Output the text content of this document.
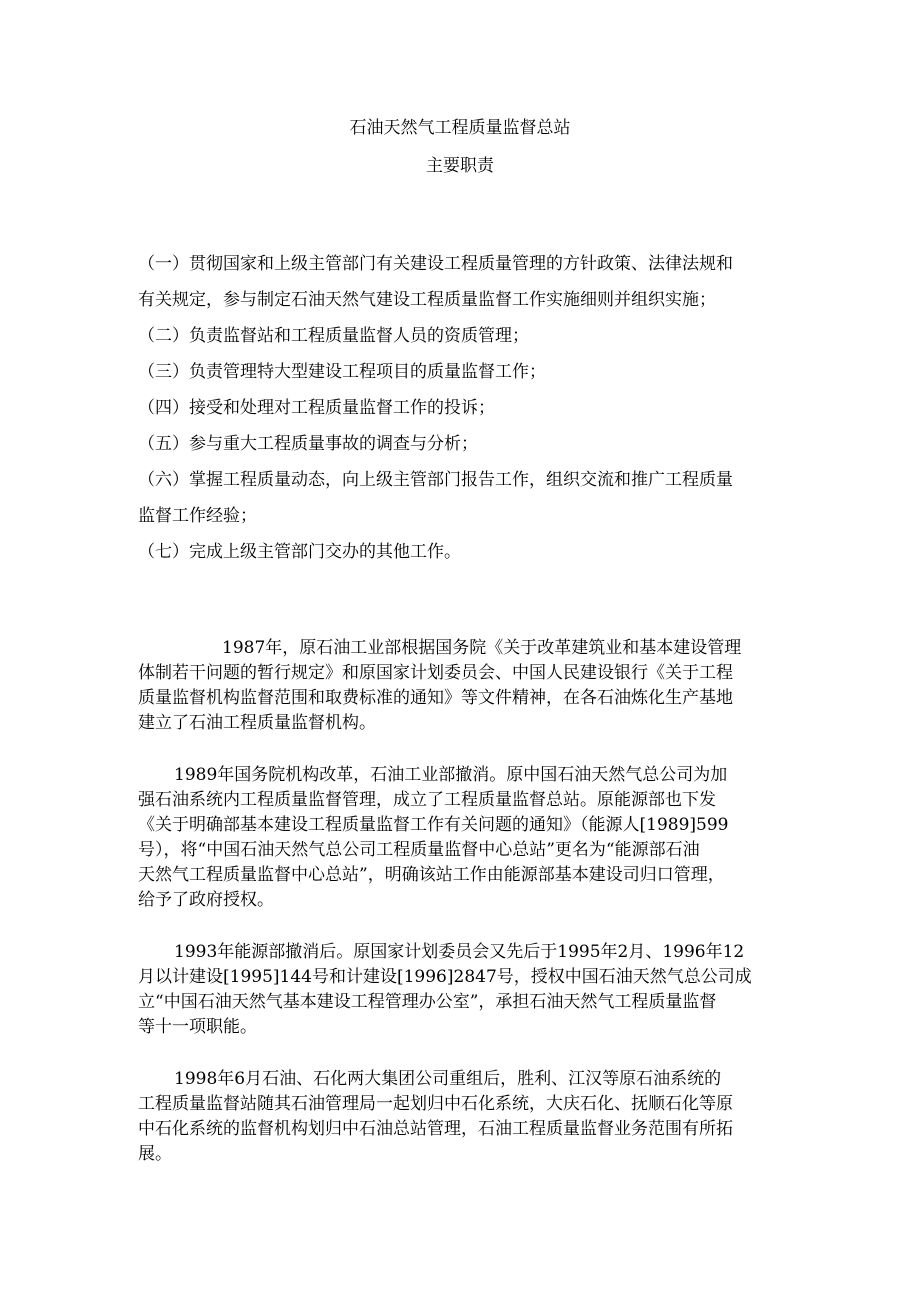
石油天然气工程质量监督总站
主要职责

（一）贯彻国家和上级主管部门有关建设工程质量管理的方针政策、法律法规和

有关规定，参与制定石油天然气建设工程质量监督工作实施细则并组织实施；

（二）负责监督站和工程质量监督人员的资质管理；

（三）负责管理特大型建设工程项目的质量监督工作；

（四）接受和处理对工程质量监督工作的投诉；

（五）参与重大工程质量事故的调查与分析；

（六）掌握工程质量动态，向上级主管部门报告工作，组织交流和推广工程质量

监督工作经验；

（七）完成上级主管部门交办的其他工作。

1987年，原石油工业部根据国务院《关于改革建筑业和基本建设管理
体制若干问题的暂行规定》和原国家计划委员会、中国人民建设银行《关于工程
质量监督机构监督范围和取费标准的通知》等文件精神，在各石油炼化生产基地
建立了石油工程质量监督机构。
1989年国务院机构改革，石油工业部撤消。原中国石油天然气总公司为加
强石油系统内工程质量监督管理，成立了工程质量监督总站。原能源部也下发
《关于明确部基本建设工程质量监督工作有关问题的通知》（能源人[1989]599
号），将“中国石油天然气总公司工程质量监督中心总站”更名为“能源部石油
天然气工程质量监督中心总站”，明确该站工作由能源部基本建设司归口管理，
给予了政府授权。
1993年能源部撤消后。原国家计划委员会又先后于1995年2月、1996年12
月以计建设[1995]144号和计建设[1996]2847号，授权中国石油天然气总公司成
立“中国石油天然气基本建设工程管理办公室”，承担石油天然气工程质量监督
等十一项职能。
1998年6月石油、石化两大集团公司重组后，胜利、江汉等原石油系统的
工程质量监督站随其石油管理局一起划归中石化系统，大庆石化、抚顺石化等原
中石化系统的监督机构划归中石油总站管理，石油工程质量监督业务范围有所拓
展。
